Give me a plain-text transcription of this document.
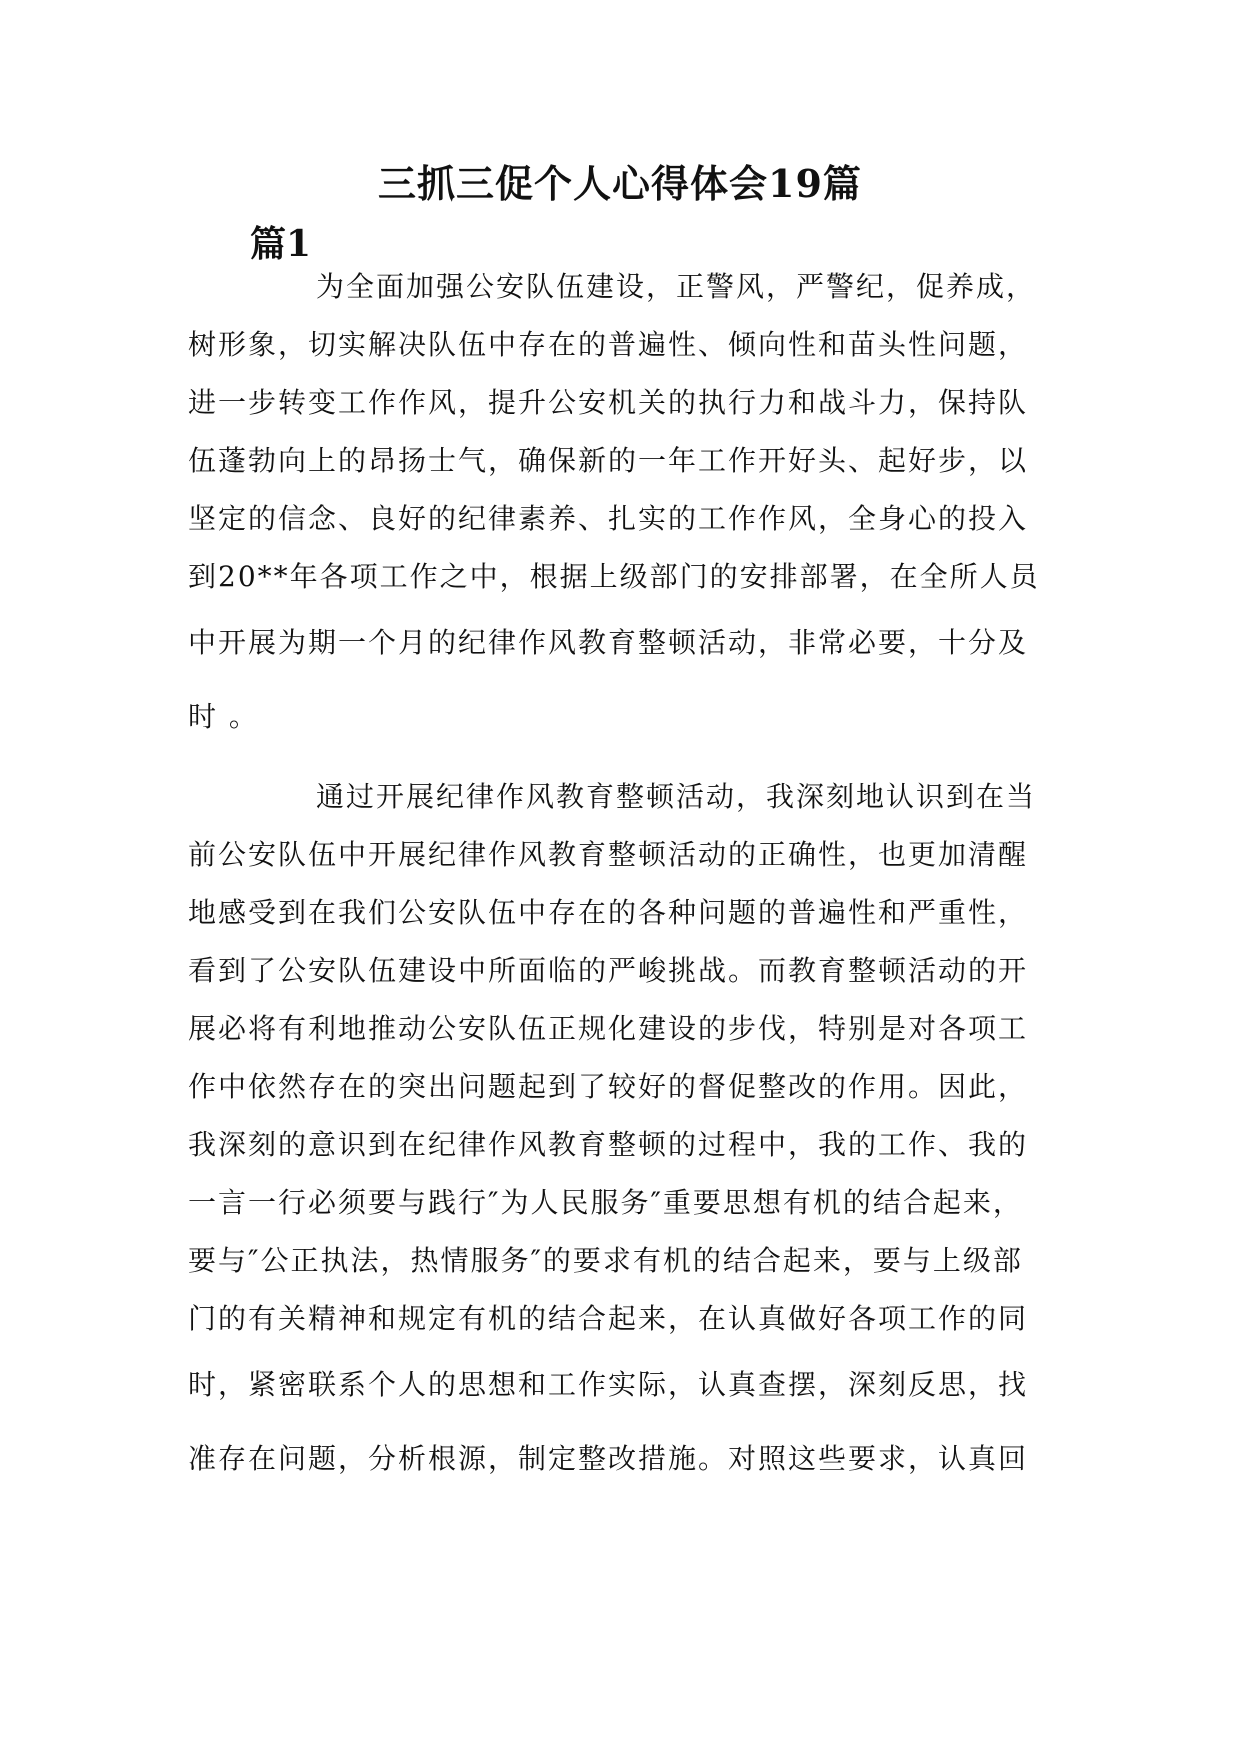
三抓三促个人心得体会19篇
篇1
为全面加强公安队伍建设，正警风，严警纪，促养成，
树形象，切实解决队伍中存在的普遍性、倾向性和苗头性问题，
进一步转变工作作风，提升公安机关的执行力和战斗力，保持队
伍蓬勃向上的昂扬士气，确保新的一年工作开好头、起好步，以
坚定的信念、良好的纪律素养、扎实的工作作风，全身心的投入
到20**年各项工作之中，根据上级部门的安排部署，在全所人员
中开展为期一个月的纪律作风教育整顿活动，非常必要，十分及
时 。
通过开展纪律作风教育整顿活动，我深刻地认识到在当
前公安队伍中开展纪律作风教育整顿活动的正确性，也更加清醒
地感受到在我们公安队伍中存在的各种问题的普遍性和严重性，
看到了公安队伍建设中所面临的严峻挑战。而教育整顿活动的开
展必将有利地推动公安队伍正规化建设的步伐，特别是对各项工
作中依然存在的突出问题起到了较好的督促整改的作用。因此，
我深刻的意识到在纪律作风教育整顿的过程中，我的工作、我的
一言一行必须要与践行″为人民服务″重要思想有机的结合起来，
要与″公正执法，热情服务″的要求有机的结合起来，要与上级部
门的有关精神和规定有机的结合起来，在认真做好各项工作的同
时，紧密联系个人的思想和工作实际，认真查摆，深刻反思，找
准存在问题，分析根源，制定整改措施。对照这些要求，认真回
